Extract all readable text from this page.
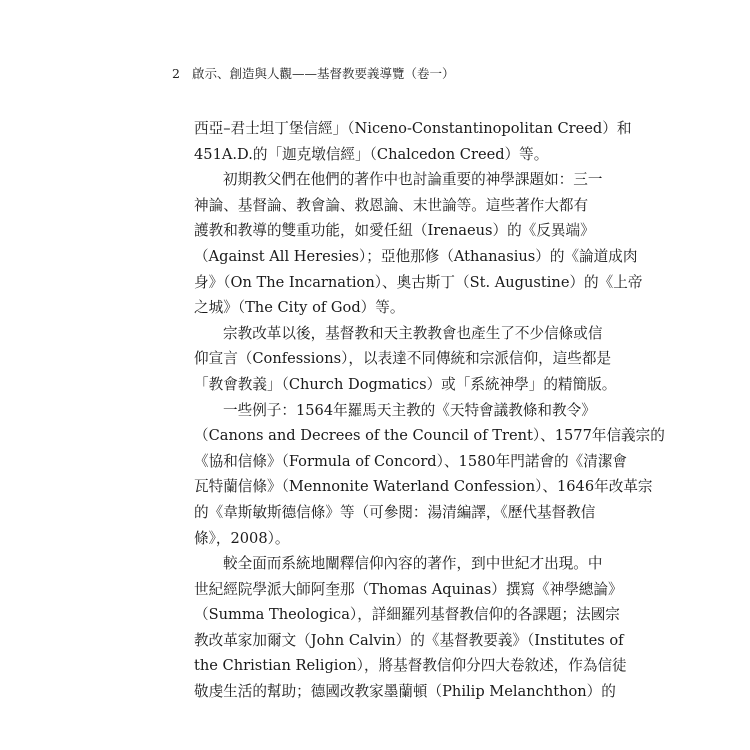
2 啟示、創造與人觀——基督教要義導覽（卷一）
西亞–君士坦丁堡信經」（Niceno-Constantinopolitan Creed）和
451A.D.的「迦克墩信經」（Chalcedon Creed）等。
初期教父們在他們的著作中也討論重要的神學課題如：三一
神論、基督論、教會論、救恩論、末世論等。這些著作大都有
護教和教導的雙重功能，如愛任紐（Irenaeus）的《反異端》
（Against All Heresies）；亞他那修（Athanasius）的《論道成肉
身》（On The Incarnation）、奧古斯丁（St. Augustine）的《上帝
之城》（The City of God）等。
宗教改革以後，基督教和天主教教會也產生了不少信條或信
仰宣言（Confessions），以表達不同傳統和宗派信仰，這些都是
「教會教義」（Church Dogmatics）或「系統神學」的精簡版。
一些例子：1564年羅馬天主教的《天特會議教條和教令》
（Canons and Decrees of the Council of Trent）、1577年信義宗的
《協和信條》（Formula of Concord）、1580年門諾會的《清潔會
瓦特蘭信條》（Mennonite Waterland Confession）、1646年改革宗
的《韋斯敏斯德信條》等（可參閱：湯清編譯，《歷代基督教信
條》，2008）。
較全面而系統地闡釋信仰內容的著作，到中世紀才出現。中
世紀經院學派大師阿奎那（Thomas Aquinas）撰寫《神學總論》
（Summa Theologica），詳細羅列基督教信仰的各課題；法國宗
教改革家加爾文（John Calvin）的《基督教要義》（Institutes of
the Christian Religion），將基督教信仰分四大卷敘述，作為信徒
敬虔生活的幫助；德國改教家墨蘭頓（Philip Melanchthon）的
